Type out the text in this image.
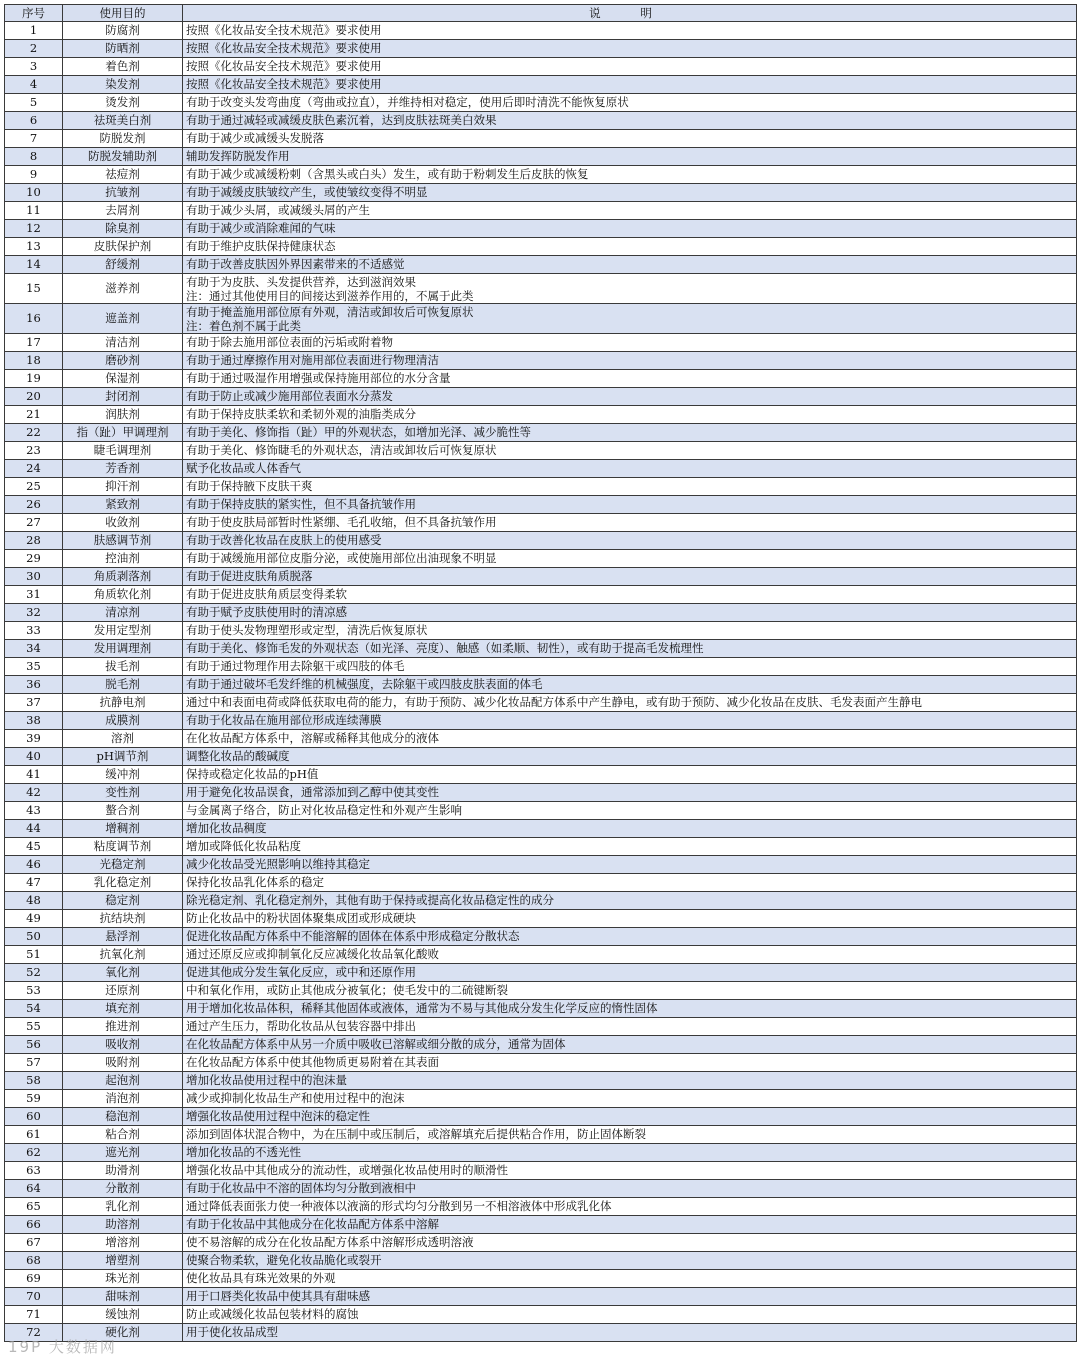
序号	使用目的	说 明
1	防腐剂	按照《化妆品安全技术规范》要求使用
2	防晒剂	按照《化妆品安全技术规范》要求使用
3	着色剂	按照《化妆品安全技术规范》要求使用
4	染发剂	按照《化妆品安全技术规范》要求使用
5	烫发剂	有助于改变头发弯曲度（弯曲或拉直），并维持相对稳定，使用后即时清洗不能恢复原状
6	祛斑美白剂	有助于通过减轻或减缓皮肤色素沉着，达到皮肤祛斑美白效果
7	防脱发剂	有助于减少或减缓头发脱落
8	防脱发辅助剂	辅助发挥防脱发作用
9	祛痘剂	有助于减少或减缓粉刺（含黑头或白头）发生，或有助于粉刺发生后皮肤的恢复
10	抗皱剂	有助于减缓皮肤皱纹产生，或使皱纹变得不明显
11	去屑剂	有助于减少头屑，或减缓头屑的产生
12	除臭剂	有助于减少或消除难闻的气味
13	皮肤保护剂	有助于维护皮肤保持健康状态
14	舒缓剂	有助于改善皮肤因外界因素带来的不适感觉
15	滋养剂	有助于为皮肤、头发提供营养，达到滋润效果
注：通过其他使用目的间接达到滋养作用的，不属于此类

16	遮盖剂	有助于掩盖施用部位原有外观，清洁或卸妆后可恢复原状
注：着色剂不属于此类

17	清洁剂	有助于除去施用部位表面的污垢或附着物
18	磨砂剂	有助于通过摩擦作用对施用部位表面进行物理清洁
19	保湿剂	有助于通过吸湿作用增强或保持施用部位的水分含量
20	封闭剂	有助于防止或减少施用部位表面水分蒸发
21	润肤剂	有助于保持皮肤柔软和柔韧外观的油脂类成分
22	指（趾）甲调理剂	有助于美化、修饰指（趾）甲的外观状态，如增加光泽、减少脆性等
23	睫毛调理剂	有助于美化、修饰睫毛的外观状态，清洁或卸妆后可恢复原状
24	芳香剂	赋予化妆品或人体香气
25	抑汗剂	有助于保持腋下皮肤干爽
26	紧致剂	有助于保持皮肤的紧实性，但不具备抗皱作用
27	收敛剂	有助于使皮肤局部暂时性紧绷、毛孔收缩，但不具备抗皱作用
28	肤感调节剂	有助于改善化妆品在皮肤上的使用感受
29	控油剂	有助于减缓施用部位皮脂分泌，或使施用部位出油现象不明显
30	角质剥落剂	有助于促进皮肤角质脱落
31	角质软化剂	有助于促进皮肤角质层变得柔软
32	清凉剂	有助于赋予皮肤使用时的清凉感
33	发用定型剂	有助于使头发物理塑形或定型，清洗后恢复原状
34	发用调理剂	有助于美化、修饰毛发的外观状态（如光泽、亮度）、触感（如柔顺、韧性），或有助于提高毛发梳理性
35	拔毛剂	有助于通过物理作用去除躯干或四肢的体毛
36	脱毛剂	有助于通过破坏毛发纤维的机械强度，去除躯干或四肢皮肤表面的体毛
37	抗静电剂	通过中和表面电荷或降低获取电荷的能力，有助于预防、减少化妆品配方体系中产生静电，或有助于预防、减少化妆品在皮肤、毛发表面产生静电
38	成膜剂	有助于化妆品在施用部位形成连续薄膜
39	溶剂	在化妆品配方体系中，溶解或稀释其他成分的液体
40	pH调节剂	调整化妆品的酸碱度
41	缓冲剂	保持或稳定化妆品的pH值
42	变性剂	用于避免化妆品误食，通常添加到乙醇中使其变性
43	螯合剂	与金属离子络合，防止对化妆品稳定性和外观产生影响
44	增稠剂	增加化妆品稠度
45	粘度调节剂	增加或降低化妆品粘度
46	光稳定剂	减少化妆品受光照影响以维持其稳定
47	乳化稳定剂	保持化妆品乳化体系的稳定
48	稳定剂	除光稳定剂、乳化稳定剂外，其他有助于保持或提高化妆品稳定性的成分
49	抗结块剂	防止化妆品中的粉状固体聚集成团或形成硬块
50	悬浮剂	促进化妆品配方体系中不能溶解的固体在体系中形成稳定分散状态
51	抗氧化剂	通过还原反应或抑制氧化反应减缓化妆品氧化酸败
52	氧化剂	促进其他成分发生氧化反应，或中和还原作用
53	还原剂	中和氧化作用，或防止其他成分被氧化；使毛发中的二硫键断裂
54	填充剂	用于增加化妆品体积，稀释其他固体或液体，通常为不易与其他成分发生化学反应的惰性固体
55	推进剂	通过产生压力，帮助化妆品从包装容器中排出
56	吸收剂	在化妆品配方体系中从另一介质中吸收已溶解或细分散的成分，通常为固体
57	吸附剂	在化妆品配方体系中使其他物质更易附着在其表面
58	起泡剂	增加化妆品使用过程中的泡沫量
59	消泡剂	减少或抑制化妆品生产和使用过程中的泡沫
60	稳泡剂	增强化妆品使用过程中泡沫的稳定性
61	粘合剂	添加到固体状混合物中，为在压制中或压制后，或溶解填充后提供粘合作用，防止固体断裂
62	遮光剂	增加化妆品的不透光性
63	助滑剂	增强化妆品中其他成分的流动性，或增强化妆品使用时的顺滑性
64	分散剂	有助于化妆品中不溶的固体均匀分散到液相中
65	乳化剂	通过降低表面张力使一种液体以液滴的形式均匀分散到另一不相溶液体中形成乳化体
66	助溶剂	有助于化妆品中其他成分在化妆品配方体系中溶解
67	增溶剂	使不易溶解的成分在化妆品配方体系中溶解形成透明溶液
68	增塑剂	使聚合物柔软，避免化妆品脆化或裂开
69	珠光剂	使化妆品具有珠光效果的外观
70	甜味剂	用于口唇类化妆品中使其具有甜味感
71	缓蚀剂	防止或减缓化妆品包装材料的腐蚀
72	硬化剂	用于使化妆品成型
19P 大数据网
